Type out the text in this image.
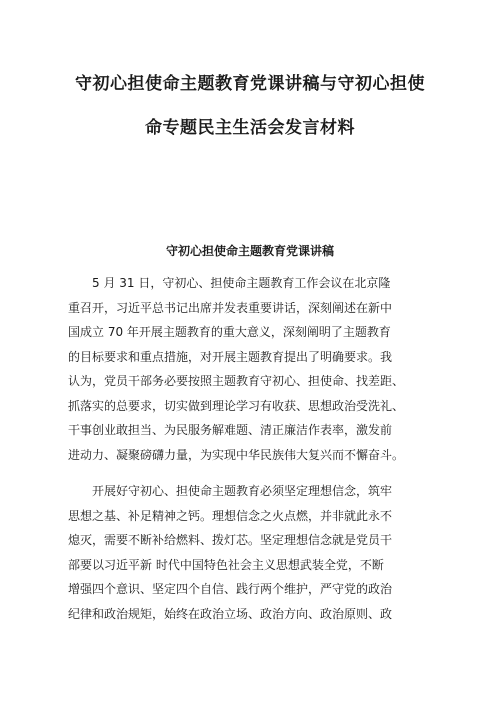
守初心担使命主题教育党课讲稿与守初心担使
命专题民主生活会发言材料
守初心担使命主题教育党课讲稿
　　5 月 31 日，守初心、担使命主题教育工作会议在北京隆
重召开，习近平总书记出席并发表重要讲话，深刻阐述在新中
国成立 70 年开展主题教育的重大意义，深刻阐明了主题教育
的目标要求和重点措施，对开展主题教育提出了明确要求。我
认为，党员干部务必要按照主题教育守初心、担使命、找差距、
抓落实的总要求，切实做到理论学习有收获、思想政治受洗礼、
干事创业敢担当、为民服务解难题、清正廉洁作表率，激发前
进动力、凝聚磅礴力量，为实现中华民族伟大复兴而不懈奋斗。
　　开展好守初心、担使命主题教育必须坚定理想信念，筑牢
思想之基、补足精神之钙。理想信念之火点燃，并非就此永不
熄灭，需要不断补给燃料、拨灯芯。坚定理想信念就是党员干
部要以习近平新 时代中国特色社会主义思想武装全党，不断
增强四个意识、坚定四个自信、践行两个维护，严守党的政治
纪律和政治规矩，始终在政治立场、政治方向、政治原则、政
